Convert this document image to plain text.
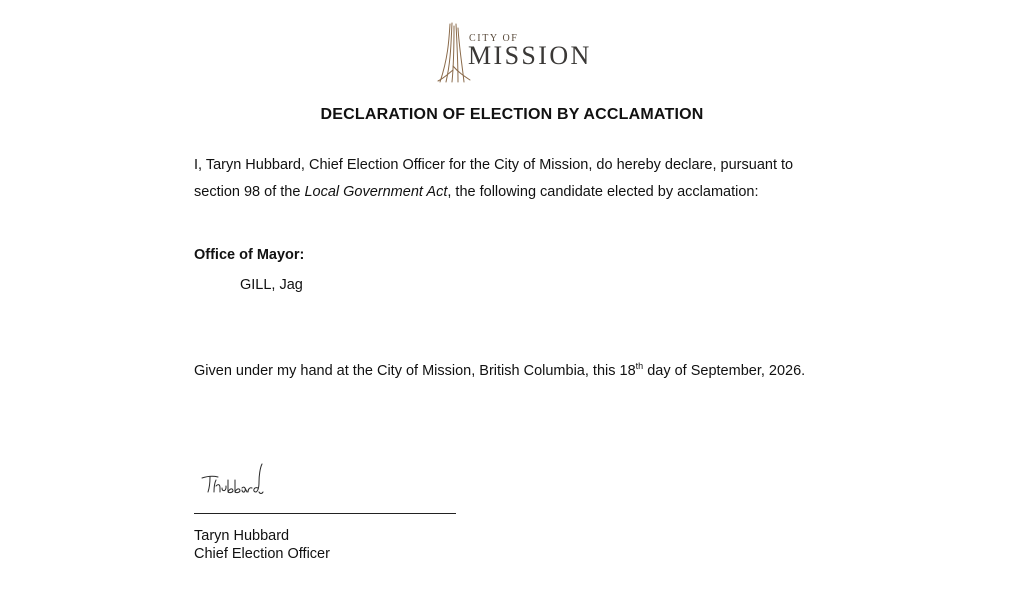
CITY OF
MISSION
DECLARATION OF ELECTION BY ACCLAMATION
I, Taryn Hubbard, Chief Election Officer for the City of Mission, do hereby declare, pursuant to
section 98 of the Local Government Act, the following candidate elected by acclamation:
Office of Mayor:
GILL, Jag
Given under my hand at the City of Mission, British Columbia, this 18th day of September, 2026.
Taryn Hubbard
Chief Election Officer
